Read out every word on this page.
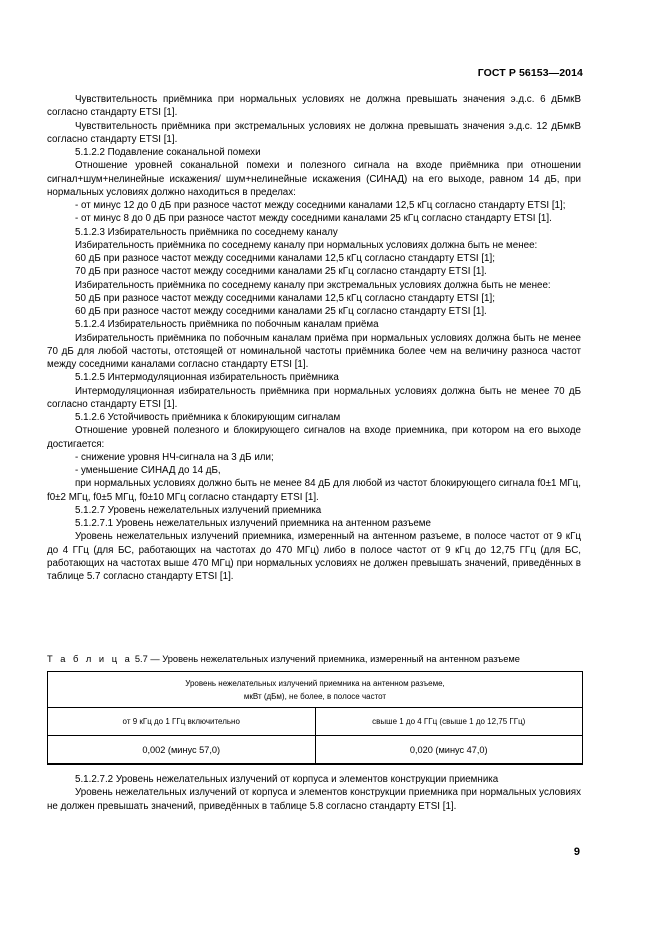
ГОСТ Р 56153—2014

Чувствительность приёмника при нормальных условиях не должна превышать значения э.д.с. 6 дБмкВ согласно стандарту ETSI [1].

Чувствительность приёмника при экстремальных условиях не должна превышать значения э.д.с. 12 дБмкВ согласно стандарту ETSI [1].

5.1.2.2 Подавление соканальной помехи

Отношение уровней соканальной помехи и полезного сигнала на входе приёмника при отношении сигнал+шум+нелинейные искажения/ шум+нелинейные искажения (СИНАД) на его выходе, равном 14 дБ, при нормальных условиях должно находиться в пределах:

- от минус 12 до 0 дБ при разносе частот между соседними каналами 12,5 кГц согласно стандарту ETSI [1];

- от минус 8 до 0 дБ при разносе частот между соседними каналами 25 кГц согласно стандарту ETSI [1].

5.1.2.3 Избирательность приёмника по соседнему каналу

Избирательность приёмника по соседнему каналу при нормальных условиях должна быть не менее:

60 дБ при разносе частот между соседними каналами 12,5 кГц согласно стандарту ETSI [1];

70 дБ при разносе частот между соседними каналами 25 кГц согласно стандарту ETSI [1].

Избирательность приёмника по соседнему каналу при экстремальных условиях должна быть не менее:

50 дБ при разносе частот между соседними каналами 12,5 кГц согласно стандарту ETSI [1];

60 дБ при разносе частот между соседними каналами 25 кГц согласно стандарту ETSI [1].

5.1.2.4 Избирательность приёмника по побочным каналам приёма

Избирательность приёмника по побочным каналам приёма при нормальных условиях должна быть не менее 70 дБ для любой частоты, отстоящей от номинальной частоты приёмника более чем на величину разноса частот между соседними каналами согласно стандарту ETSI [1].

5.1.2.5 Интермодуляционная избирательность приёмника

Интермодуляционная избирательность приёмника при нормальных условиях должна быть не менее 70 дБ согласно стандарту ETSI [1].

5.1.2.6 Устойчивость приёмника к блокирующим сигналам

Отношение уровней полезного и блокирующего сигналов на входе приемника, при котором на его выходе достигается:

- снижение уровня НЧ-сигнала на 3 дБ или;

- уменьшение СИНАД до 14 дБ,

при нормальных условиях должно быть не менее 84 дБ для любой из частот блокирующего сигнала f0±1 МГц, f0±2 МГц, f0±5 МГц, f0±10 МГц согласно стандарту ETSI [1].

5.1.2.7 Уровень нежелательных излучений приемника

5.1.2.7.1 Уровень нежелательных излучений приемника на антенном разъеме

Уровень нежелательных излучений приемника, измеренный на антенном разъеме, в полосе частот от 9 кГц до 4 ГГц (для БС, работающих на частотах до 470 МГц) либо в полосе частот от 9 кГц до 12,75 ГГц (для БС, работающих на частотах выше 470 МГц) при нормальных условиях не должен превышать значений, приведённых в таблице 5.7 согласно стандарту ETSI [1].

Т а б л и ц а 5.7 — Уровень нежелательных излучений приемника, измеренный на антенном разъеме
Уровень нежелательных излучений приемника на антенном разъеме,
мкВт (дБм), не более, в полосе частот	
от 9 кГц до 1 ГГц включительно	свыше 1 до 4 ГГц (свыше 1 до 12,75 ГГц)
0,002 (минус 57,0)	0,020 (минус 47,0)

5.1.2.7.2 Уровень нежелательных излучений от корпуса и элементов конструкции приемника

Уровень нежелательных излучений от корпуса и элементов конструкции приемника при нормальных условиях не должен превышать значений, приведённых в таблице 5.8 согласно стандарту ETSI [1].

9
